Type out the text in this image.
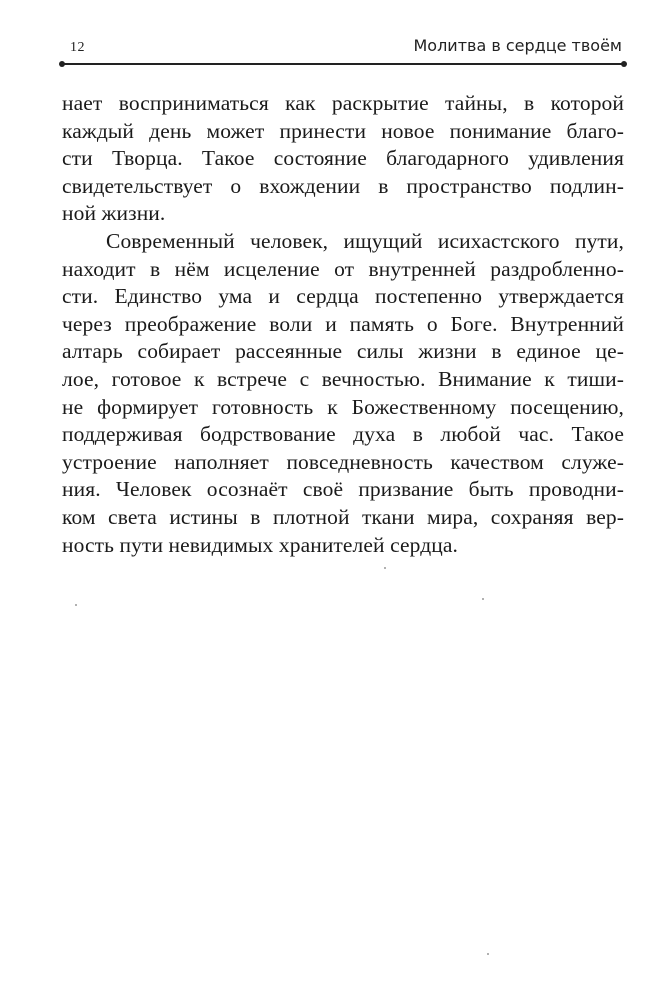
12	Молитва в сердце твоём
нает восприниматься как раскрытие тайны, в которой
каждый день может принести новое понимание благо-
сти Творца. Такое состояние благодарного удивления
свидетельствует о вхождении в пространство подлин-
ной жизни.
Современный человек, ищущий исихастского пути,
находит в нём исцеление от внутренней раздробленно-
сти. Единство ума и сердца постепенно утверждается
через преображение воли и память о Боге. Внутренний
алтарь собирает рассеянные силы жизни в единое це-
лое, готовое к встрече с вечностью. Внимание к тиши-
не формирует готовность к Божественному посещению,
поддерживая бодрствование духа в любой час. Такое
устроение наполняет повседневность качеством служе-
ния. Человек осознаёт своё призвание быть проводни-
ком света истины в плотной ткани мира, сохраняя вер-
ность пути невидимых хранителей сердца.
